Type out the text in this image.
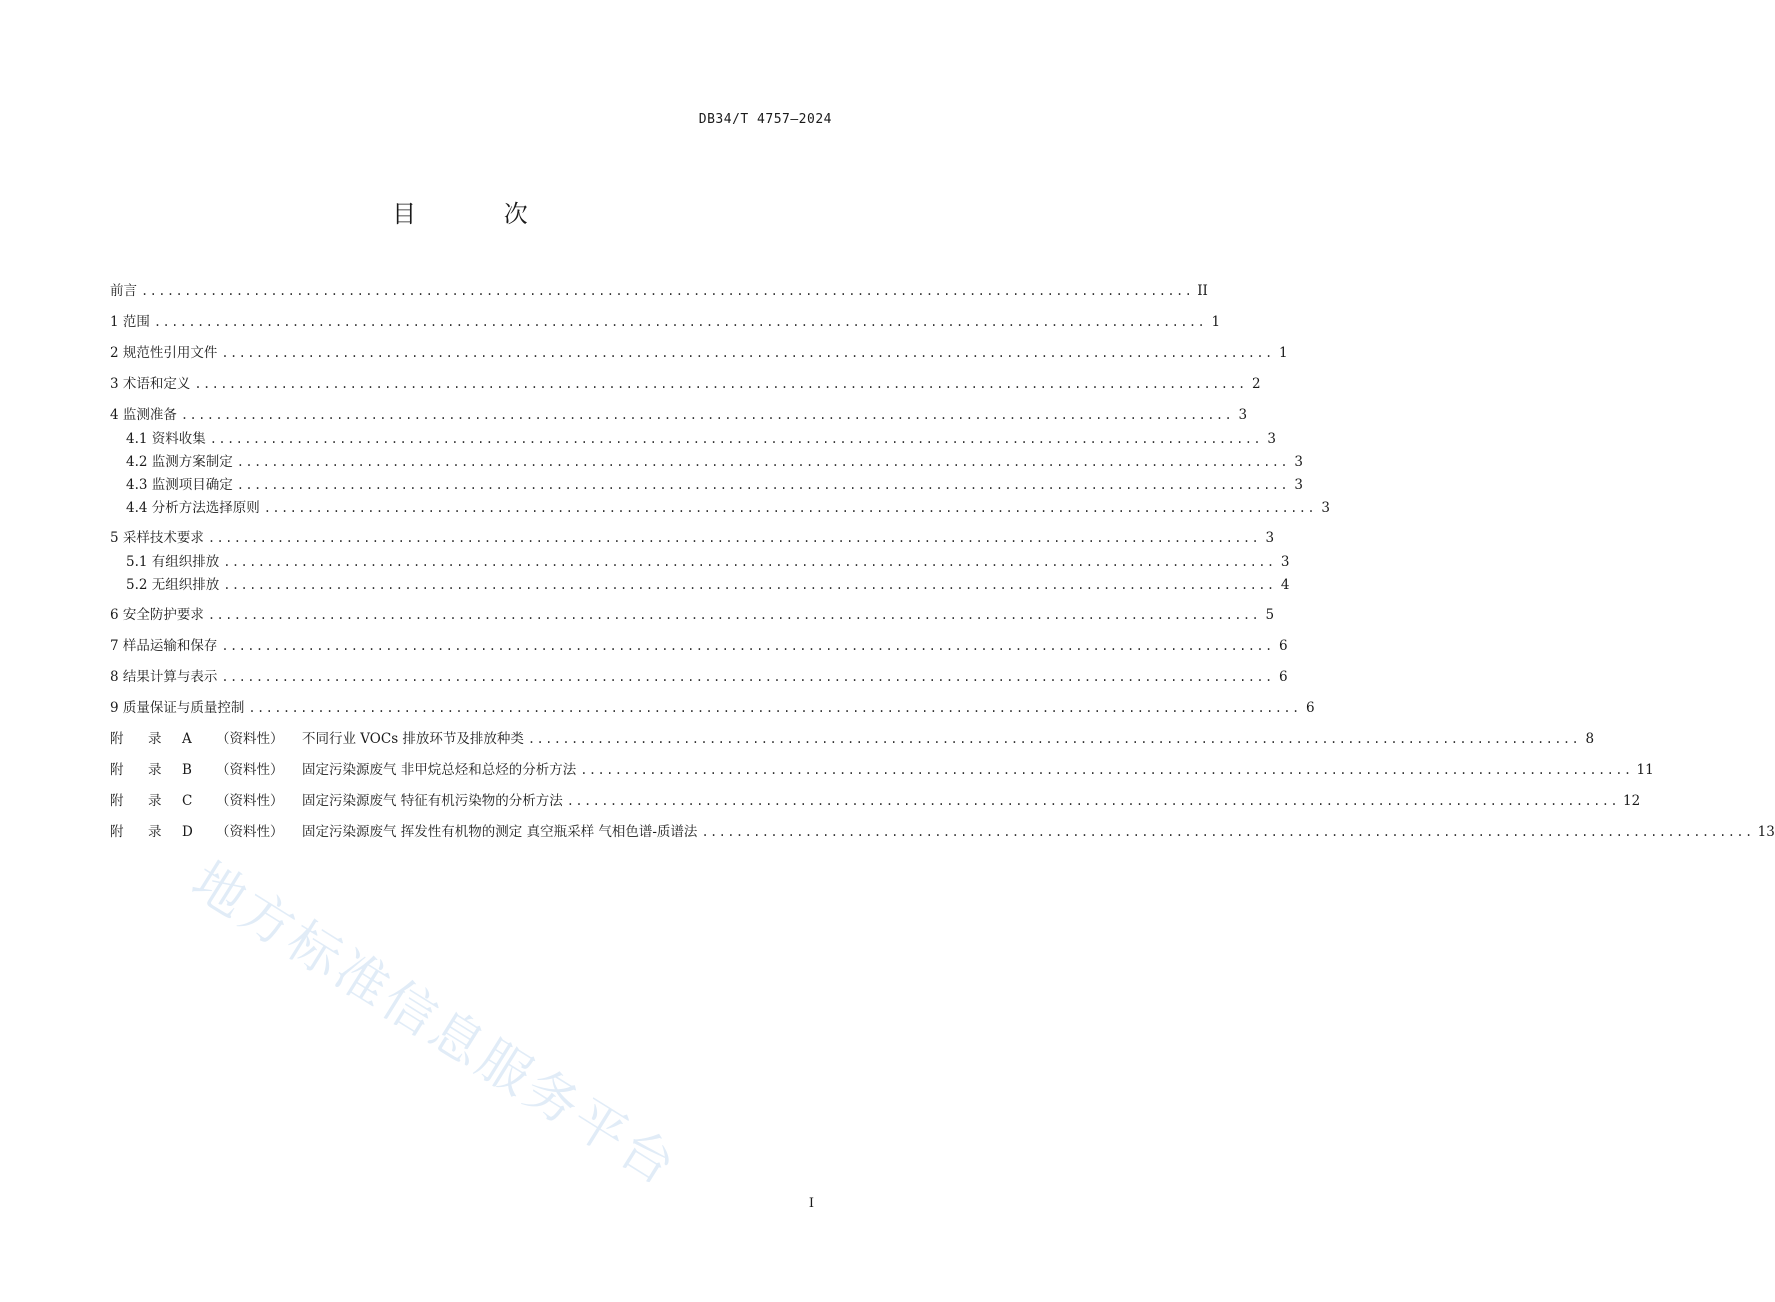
DB34/T 4757—2024
目 次
前言 .......................................................................................................................... II
1 范围 .......................................................................................................................... 1
2 规范性引用文件 .......................................................................................................................... 1
3 术语和定义 .......................................................................................................................... 2
4 监测准备 .......................................................................................................................... 3
4.1 资料收集 .......................................................................................................................... 3
4.2 监测方案制定 .......................................................................................................................... 3
4.3 监测项目确定 .......................................................................................................................... 3
4.4 分析方法选择原则 .......................................................................................................................... 3
5 采样技术要求 .......................................................................................................................... 3
5.1 有组织排放 .......................................................................................................................... 3
5.2 无组织排放 .......................................................................................................................... 4
6 安全防护要求 .......................................................................................................................... 5
7 样品运输和保存 .......................................................................................................................... 6
8 结果计算与表示 .......................................................................................................................... 6
9 质量保证与质量控制 .......................................................................................................................... 6
附	录	A	（资料性）	不同行业 VOCs 排放环节及排放种类 .......................................................................................................................... 8
附	录	B	（资料性）	固定污染源废气 非甲烷总烃和总烃的分析方法 .......................................................................................................................... 11
附	录	C	（资料性）	固定污染源废气 特征有机污染物的分析方法 .......................................................................................................................... 12
附	录	D	（资料性）	固定污染源废气 挥发性有机物的测定 真空瓶采样 气相色谱-质谱法 .......................................................................................................................... 13
地方标准信息服务平台
I
